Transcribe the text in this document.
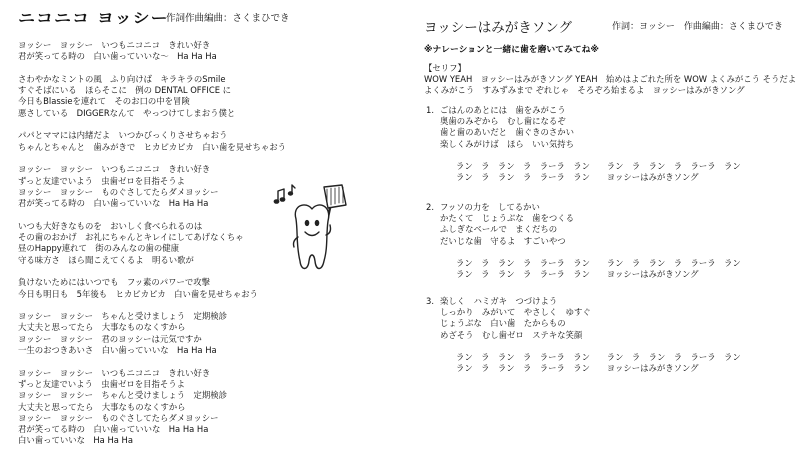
ニコニコ ヨッシー
作詞作曲編曲：さくまひでき
ヨッシー　ヨッシー　いつもニコニコ　きれい好き
君が笑ってる時の　白い歯っていいな～　Ha Ha Ha
さわやかなミントの風　ふり向けば　キラキラのSmile
すぐそばにいる　ほらそこに　例の DENTAL OFFICE に
今日もBlassieを連れて　そのお口の中を冒険
悪さしている　DIGGERなんて　やっつけてしまおう僕と
パパとママには内緒だよ　いつかびっくりさせちゃおう
ちゃんとちゃんと　歯みがきで　ヒカピカピカ　白い歯を見せちゃおう
ヨッシー　ヨッシー　いつもニコニコ　きれい好き
ずっと友達でいよう　虫歯ゼロを目指そうよ
ヨッシー　ヨッシー　ものぐさしてたらダメヨッシー
君が笑ってる時の　白い歯っていいな　Ha Ha Ha
いつも大好きなものを　おいしく食べられるのは
その歯のおかげ　お礼にちゃんとキレイにしてあげなくちゃ
昼のHappy連れて　街のみんなの歯の健康
守る味方さ　ほら聞こえてくるよ　明るい歌が
負けないためにはいつでも　フッ素のパワーで攻撃
今日も明日も　5年後も　ヒカピカピカ　白い歯を見せちゃおう
ヨッシー　ヨッシー　ちゃんと受けましょう　定期検診
大丈夫と思ってたら　大事なものなくすから
ヨッシー　ヨッシー　君のヨッシーは元気ですか
一生のおつきあいさ　白い歯っていいな　Ha Ha Ha
ヨッシー　ヨッシー　いつもニコニコ　きれい好き
ずっと友達でいよう　虫歯ゼロを目指そうよ
ヨッシー　ヨッシー　ちゃんと受けましょう　定期検診
大丈夫と思ってたら　大事なものなくすから
ヨッシー　ヨッシー　ものぐさしてたらダメヨッシー
君が笑ってる時の　白い歯っていいな　Ha Ha Ha
白い歯っていいな　Ha Ha Ha
ヨッシーはみがきソング	作詞：ヨッシー　作曲編曲：さくまひでき
※ナレーションと一緒に歯を磨いてみてね※
【セリフ】
WOW YEAH　ヨッシーはみがきソング YEAH　始めはよごれた所を WOW よくみがこう そうだよ
よくみがこう　すみずみまで ぞれじゃ　そろぞろ始まるよ　ヨッシーはみがきソング
1. ごはんのあとには　歯をみがこう
奥歯のみぞから　むし歯になるぞ
歯と歯のあいだと　歯ぐきのさかい
楽しくみがけば　ほら　いい気持ち
ラン　ラ　ラン　ラ　ラーラ　ラン　　ラン　ラ　ラン　ラ　ラーラ　ラン
ラン　ラ　ラン　ラ　ラーラ　ラン　　ヨッシーはみがきソング
2. フッソの力を　してるかい
かたくて　じょうぶな　歯をつくる
ふしぎなベールで　まくだちの
だいじな歯　守るよ　すごいやつ
ラン　ラ　ラン　ラ　ラーラ　ラン　　ラン　ラ　ラン　ラ　ラーラ　ラン
ラン　ラ　ラン　ラ　ラーラ　ラン　　ヨッシーはみがきソング
3. 楽しく　ハミガキ　つづけよう
しっかり　みがいて　やさしく　ゆすぐ
じょうぶな　白い歯　たからもの
めざそう　むし歯ゼロ　ステキな笑顔
ラン　ラ　ラン　ラ　ラーラ　ラン　　ラン　ラ　ラン　ラ　ラーラ　ラン
ラン　ラ　ラン　ラ　ラーラ　ラン　　ヨッシーはみがきソング
